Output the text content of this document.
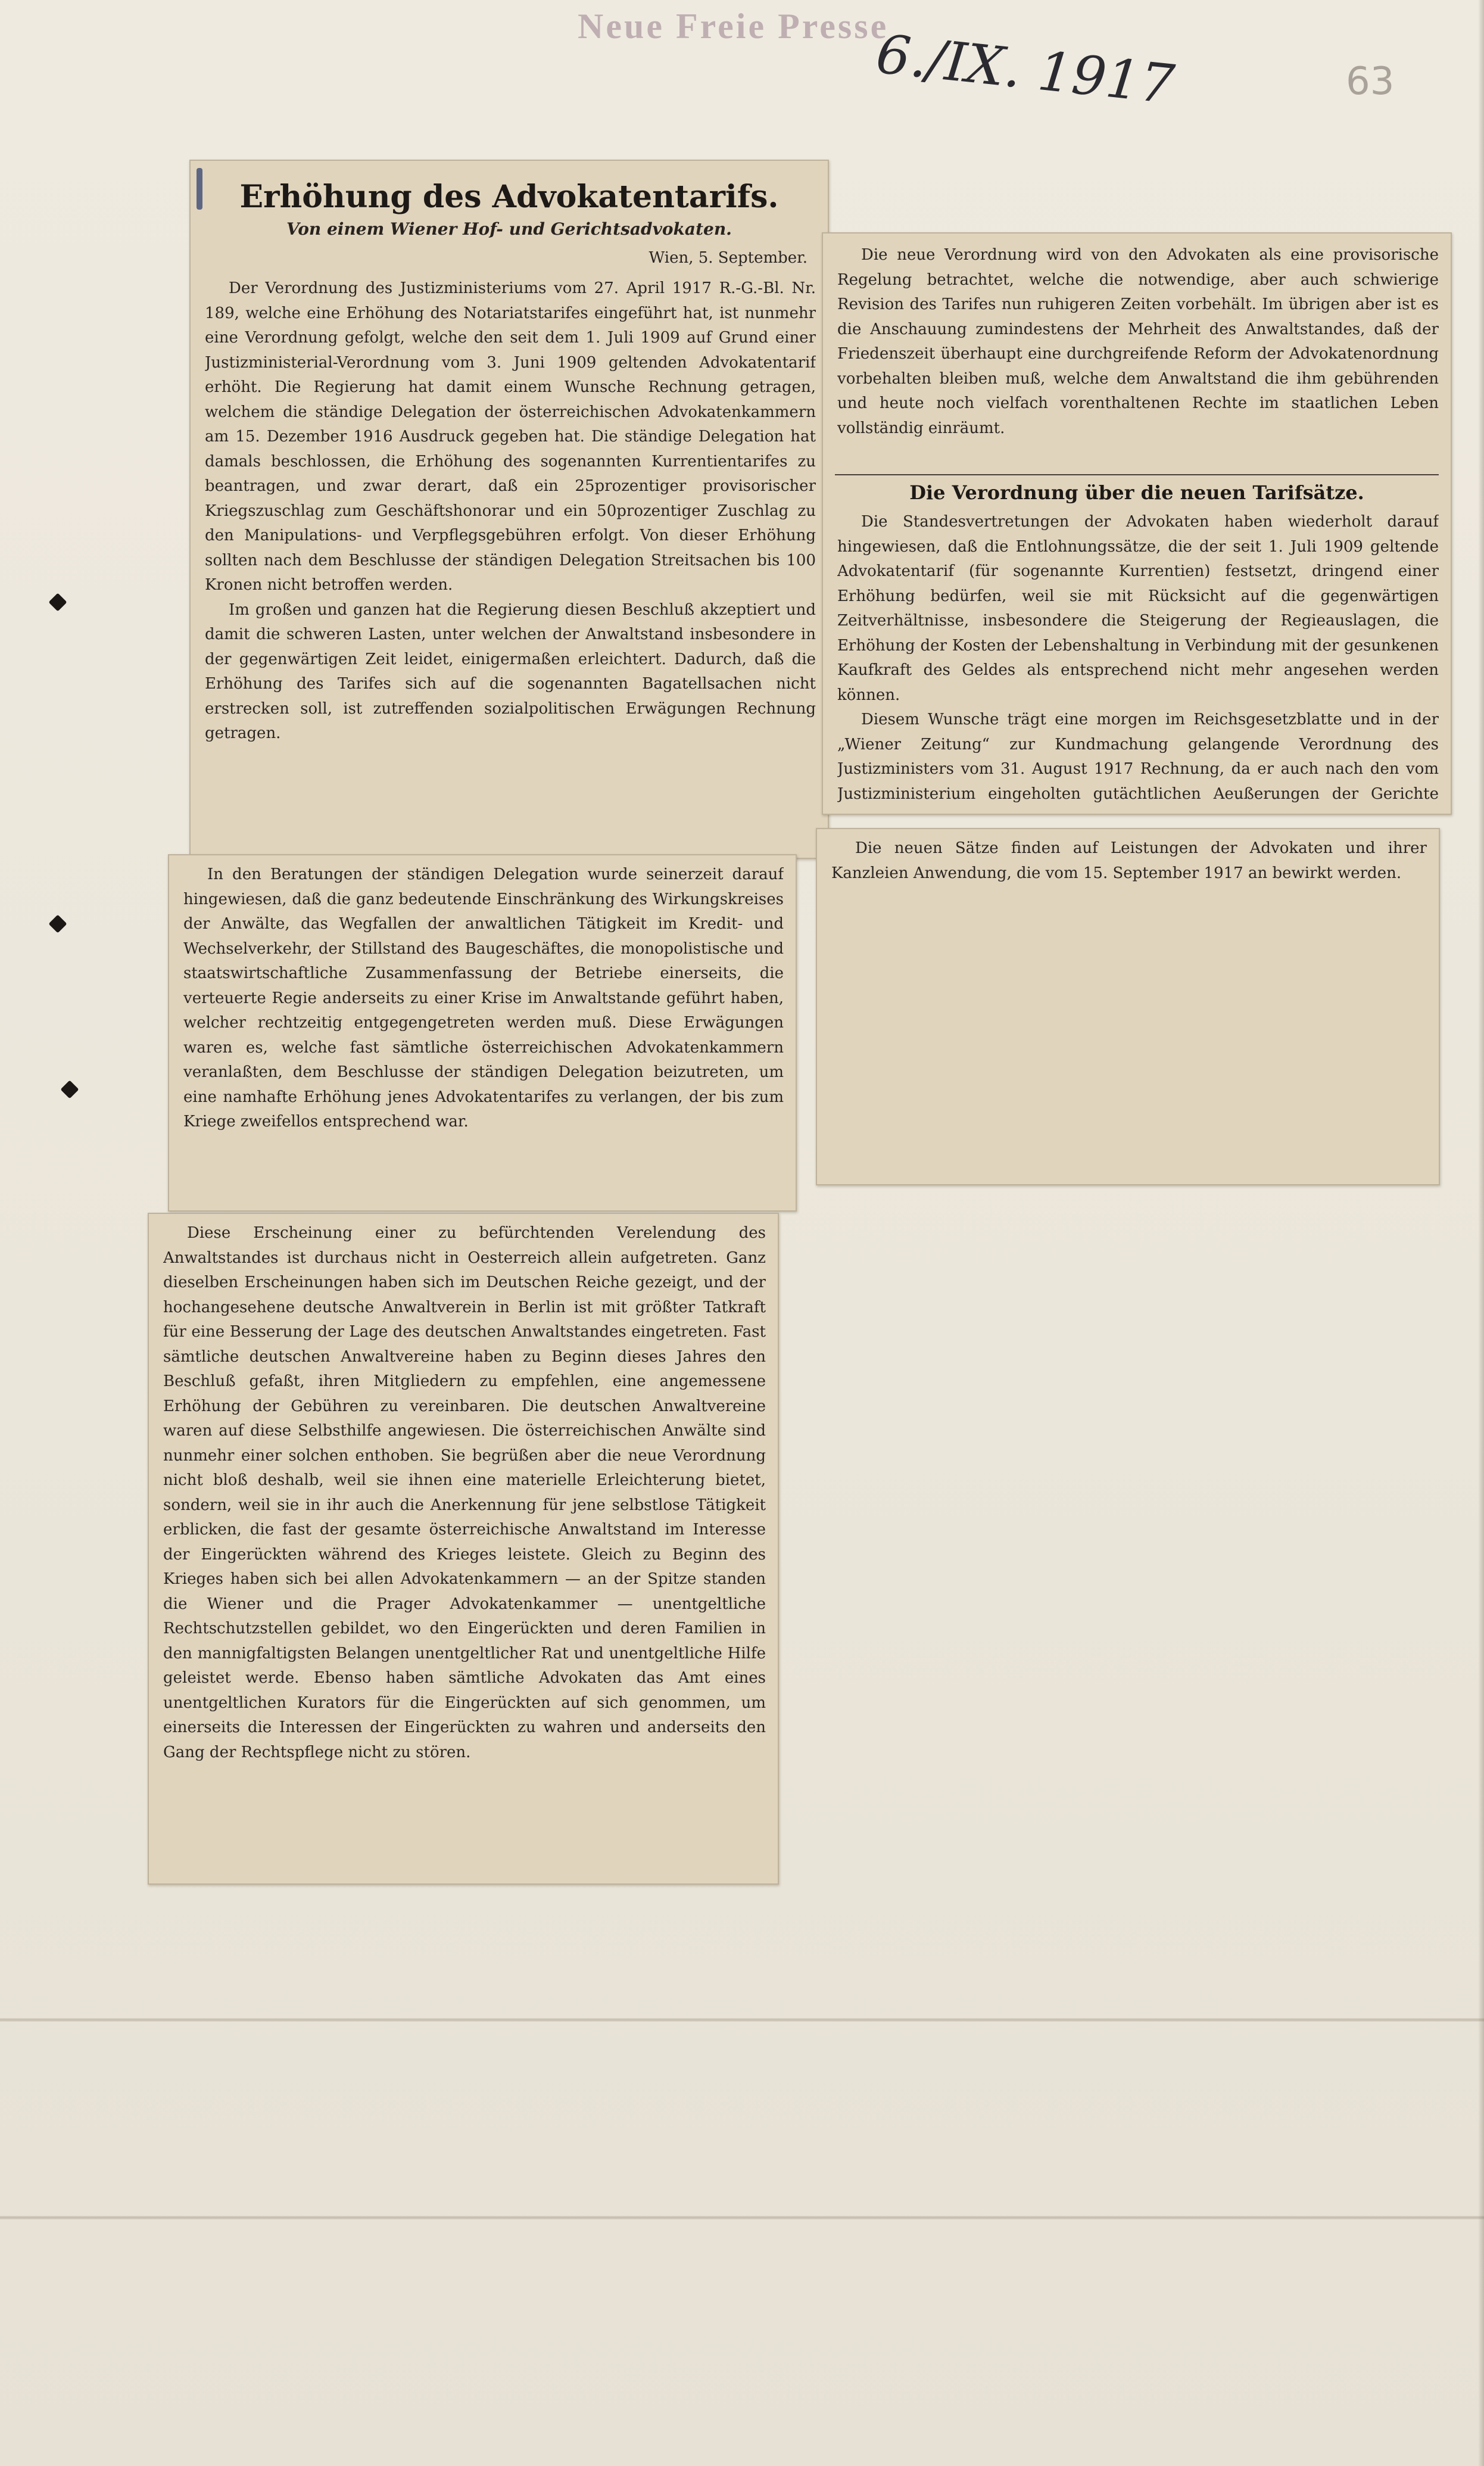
Neue Freie Presse
6./IX. 1917	63
Erhöhung des Advokatentarifs.
Von einem Wiener Hof- und Gerichtsadvokaten.
Wien, 5. September.

Der Verordnung des Justizministeriums vom 27. April 1917 R.-G.-Bl. Nr. 189, welche eine Erhöhung des Notariatstarifes eingeführt hat, ist nunmehr eine Verordnung gefolgt, welche den seit dem 1. Juli 1909 auf Grund einer Justizministerial-Verordnung vom 3. Juni 1909 geltenden Advokatentarif erhöht. Die Regierung hat damit einem Wunsche Rechnung getragen, welchem die ständige Delegation der österreichischen Advokatenkammern am 15. Dezember 1916 Ausdruck gegeben hat. Die ständige Delegation hat damals beschlossen, die Erhöhung des sogenannten Kurrentientarifes zu beantragen, und zwar derart, daß ein 25prozentiger provisorischer Kriegszuschlag zum Geschäftshonorar und ein 50prozentiger Zuschlag zu den Manipulations- und Verpflegsgebühren erfolgt. Von dieser Erhöhung sollten nach dem Beschlusse der ständigen Delegation Streitsachen bis 100 Kronen nicht betroffen werden.

Im großen und ganzen hat die Regierung diesen Beschluß akzeptiert und damit die schweren Lasten, unter welchen der Anwaltstand insbesondere in der gegenwärtigen Zeit leidet, einigermaßen erleichtert. Dadurch, daß die Erhöhung des Tarifes sich auf die sogenannten Bagatellsachen nicht erstrecken soll, ist zutreffenden sozialpolitischen Erwägungen Rechnung getragen.

In den Beratungen der ständigen Delegation wurde seinerzeit darauf hingewiesen, daß die ganz bedeutende Einschränkung des Wirkungskreises der Anwälte, das Wegfallen der anwaltlichen Tätigkeit im Kredit- und Wechselverkehr, der Stillstand des Baugeschäftes, die monopolistische und staatswirtschaftliche Zusammenfassung der Betriebe einerseits, die verteuerte Regie anderseits zu einer Krise im Anwaltstande geführt haben, welcher rechtzeitig entgegengetreten werden muß. Diese Erwägungen waren es, welche fast sämtliche österreichischen Advokatenkammern veranlaßten, dem Beschlusse der ständigen Delegation beizutreten, um eine namhafte Erhöhung jenes Advokatentarifes zu verlangen, der bis zum Kriege zweifellos entsprechend war.

Diese Erscheinung einer zu befürchtenden Verelendung des Anwaltstandes ist durchaus nicht in Oesterreich allein aufgetreten. Ganz dieselben Erscheinungen haben sich im Deutschen Reiche gezeigt, und der hochangesehene deutsche Anwaltverein in Berlin ist mit größter Tatkraft für eine Besserung der Lage des deutschen Anwaltstandes eingetreten. Fast sämtliche deutschen Anwaltvereine haben zu Beginn dieses Jahres den Beschluß gefaßt, ihren Mitgliedern zu empfehlen, eine angemessene Erhöhung der Gebühren zu vereinbaren. Die deutschen Anwaltvereine waren auf diese Selbsthilfe angewiesen. Die österreichischen Anwälte sind nunmehr einer solchen enthoben. Sie begrüßen aber die neue Verordnung nicht bloß deshalb, weil sie ihnen eine materielle Erleichterung bietet, sondern, weil sie in ihr auch die Anerkennung für jene selbstlose Tätigkeit erblicken, die fast der gesamte österreichische Anwaltstand im Interesse der Eingerückten während des Krieges leistete. Gleich zu Beginn des Krieges haben sich bei allen Advokatenkammern — an der Spitze standen die Wiener und die Prager Advokatenkammer — unentgeltliche Rechtschutzstellen gebildet, wo den Eingerückten und deren Familien in den mannigfaltigsten Belangen unentgeltlicher Rat und unentgeltliche Hilfe geleistet werde. Ebenso haben sämtliche Advokaten das Amt eines unentgeltlichen Kurators für die Eingerückten auf sich genommen, um einerseits die Interessen der Eingerückten zu wahren und anderseits den Gang der Rechtspflege nicht zu stören.

Die neue Verordnung wird von den Advokaten als eine provisorische Regelung betrachtet, welche die notwendige, aber auch schwierige Revision des Tarifes nun ruhigeren Zeiten vorbehält. Im übrigen aber ist es die Anschauung zumindestens der Mehrheit des Anwaltstandes, daß der Friedenszeit überhaupt eine durchgreifende Reform der Advokatenordnung vorbehalten bleiben muß, welche dem Anwaltstand die ihm gebührenden und heute noch vielfach vorenthaltenen Rechte im staatlichen Leben vollständig einräumt.

Die Verordnung über die neuen Tarifsätze.

Die Standesvertretungen der Advokaten haben wiederholt darauf hingewiesen, daß die Entlohnungssätze, die der seit 1. Juli 1909 geltende Advokatentarif (für sogenannte Kurrentien) festsetzt, dringend einer Erhöhung bedürfen, weil sie mit Rücksicht auf die gegenwärtigen Zeitverhältnisse, insbesondere die Steigerung der Regieauslagen, die Erhöhung der Kosten der Lebenshaltung in Verbindung mit der gesunkenen Kaufkraft des Geldes als entsprechend nicht mehr angesehen werden können.

Diesem Wunsche trägt eine morgen im Reichsgesetzblatte und in der „Wiener Zeitung“ zur Kundmachung gelangende Verordnung des Justizministers vom 31. August 1917 Rechnung, da er auch nach den vom Justizministerium eingeholten gutächtlichen Aeußerungen der Gerichte

Die neuen Sätze finden auf Leistungen der Advokaten und ihrer Kanzleien Anwendung, die vom 15. September 1917 an bewirkt werden.
